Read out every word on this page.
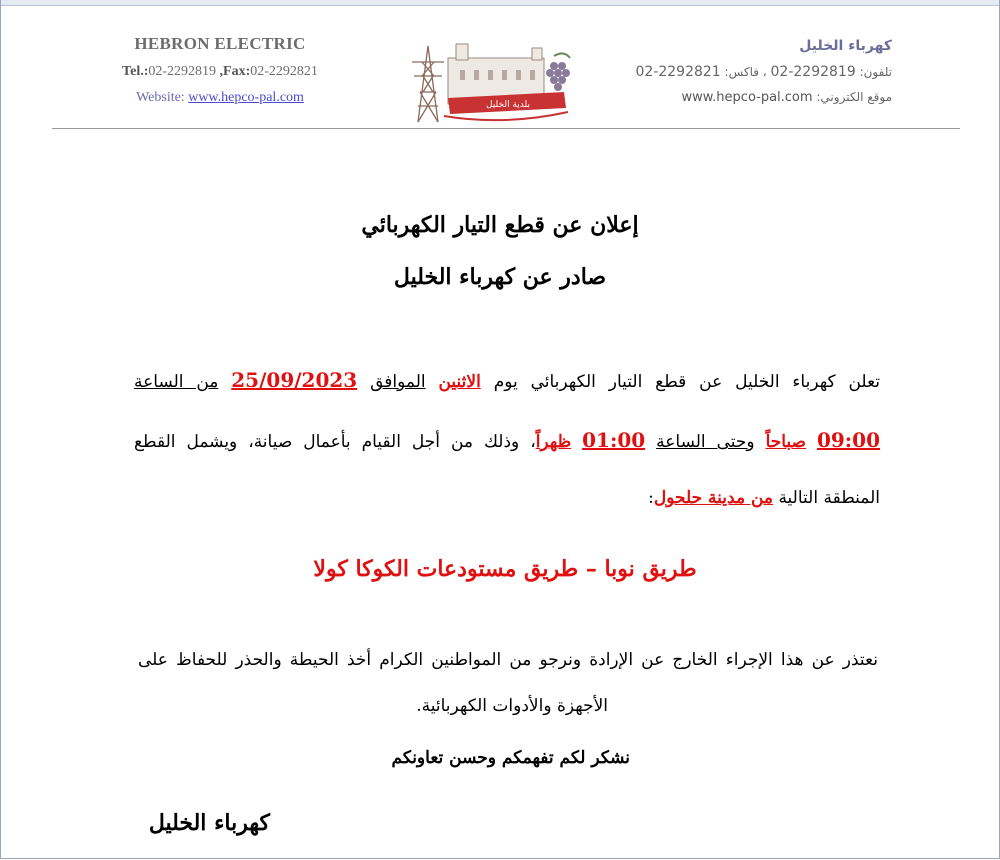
HEBRON ELECTRIC
Tel.:02-2292819 ,Fax:02-2292821
Website: www.hepco-pal.com	بلدية الخليل
كهرباء الخليل
تلفون: 02-2292819 ، فاكس: 02-2292821
موقع الكتروني: www.hepco-pal.com
إعلان عن قطع التيار الكهربائي
صادر عن كهرباء الخليل
تعلن كهرباء الخليل عن قطع التيار الكهربائي يوم الاثنين الموافق 25/09/2023 من الساعة
09:00 صباحاً وحتى الساعة 01:00 ظهراً، وذلك من أجل القيام بأعمال صيانة، ويشمل القطع
المنطقة التالية من مدينة حلحول:
طريق نوبا – طريق مستودعات الكوكا كولا
نعتذر عن هذا الإجراء الخارج عن الإرادة ونرجو من المواطنين الكرام أخذ الحيطة والحذر للحفاظ على
الأجهزة والأدوات الكهربائية.
نشكر لكم تفهمكم وحسن تعاونكم
كهرباء الخليل
